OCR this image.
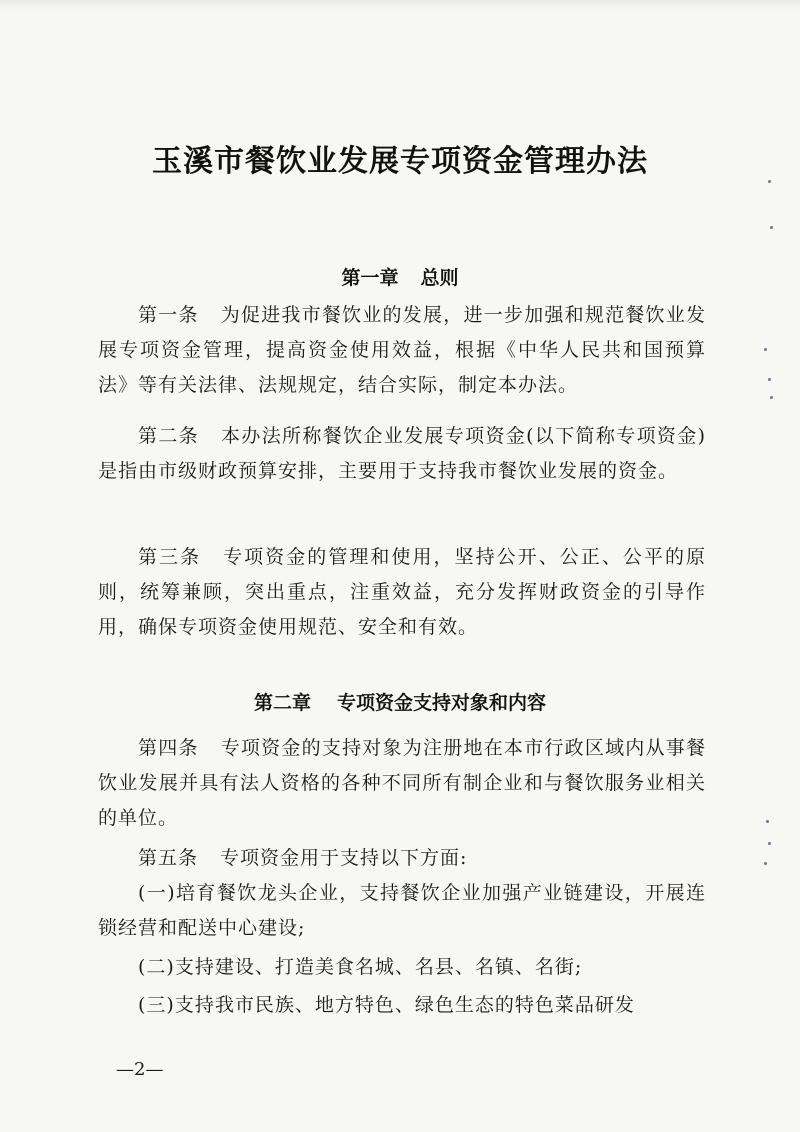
玉溪市餐饮业发展专项资金管理办法
第一章 总则

第一条 为促进我市餐饮业的发展，进一步加强和规范餐饮业发展专项资金管理，提高资金使用效益，根据《中华人民共和国预算法》等有关法律、法规规定，结合实际，制定本办法。

第二条 本办法所称餐饮企业发展专项资金(以下简称专项资金)是指由市级财政预算安排，主要用于支持我市餐饮业发展的资金。

第三条 专项资金的管理和使用，坚持公开、公正、公平的原则，统筹兼顾，突出重点，注重效益，充分发挥财政资金的引导作用，确保专项资金使用规范、安全和有效。

第二章 专项资金支持对象和内容

第四条 专项资金的支持对象为注册地在本市行政区域内从事餐饮业发展并具有法人资格的各种不同所有制企业和与餐饮服务业相关的单位。

第五条 专项资金用于支持以下方面:

(一)培育餐饮龙头企业，支持餐饮企业加强产业链建设，开展连锁经营和配送中心建设;

(二)支持建设、打造美食名城、名县、名镇、名街;

(三)支持我市民族、地方特色、绿色生态的特色菜品研发

—2—
